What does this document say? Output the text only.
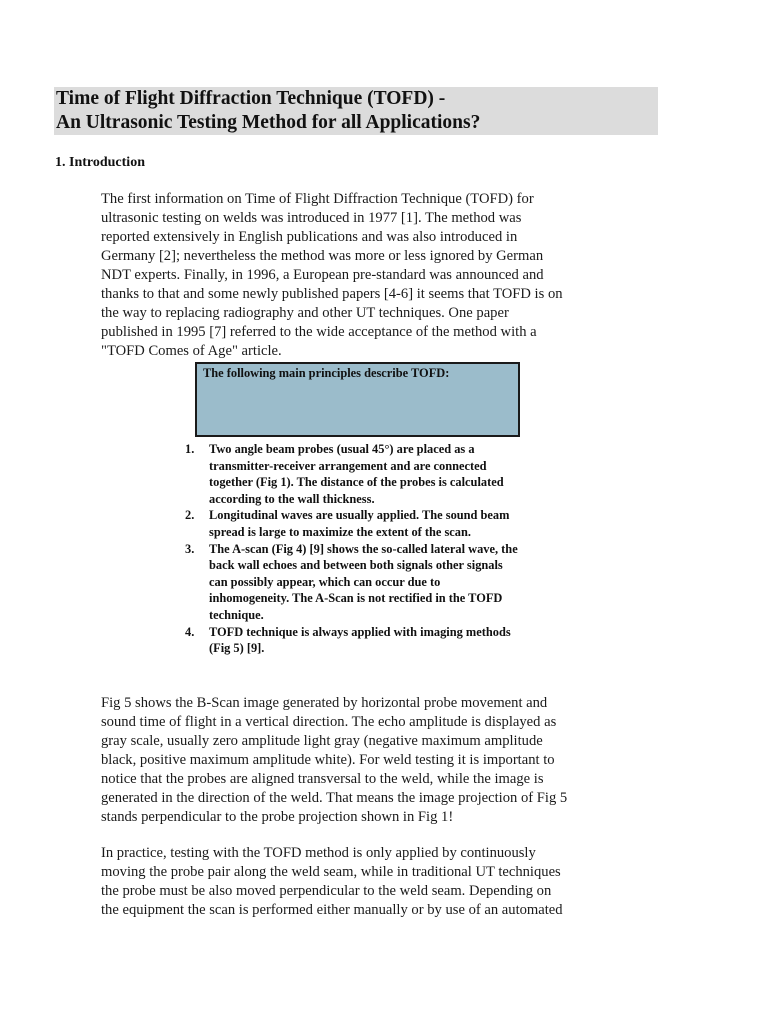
Time of Flight Diffraction Technique (TOFD) -
An Ultrasonic Testing Method for all Applications?
1. Introduction
The first information on Time of Flight Diffraction Technique (TOFD) for
ultrasonic testing on welds was introduced in 1977 [1]. The method was
reported extensively in English publications and was also introduced in
Germany [2]; nevertheless the method was more or less ignored by German
NDT experts. Finally, in 1996, a European pre-standard was announced and
thanks to that and some newly published papers [4-6] it seems that TOFD is on
the way to replacing radiography and other UT techniques. One paper
published in 1995 [7] referred to the wide acceptance of the method with a
"TOFD Comes of Age" article.
The following main principles describe TOFD:
1. Two angle beam probes (usual 45°) are placed as a
transmitter-receiver arrangement and are connected
together (Fig 1). The distance of the probes is calculated
according to the wall thickness.
2. Longitudinal waves are usually applied. The sound beam
spread is large to maximize the extent of the scan.
3. The A-scan (Fig 4) [9] shows the so-called lateral wave, the
back wall echoes and between both signals other signals
can possibly appear, which can occur due to
inhomogeneity. The A-Scan is not rectified in the TOFD
technique.
4. TOFD technique is always applied with imaging methods
(Fig 5) [9].
Fig 5 shows the B-Scan image generated by horizontal probe movement and
sound time of flight in a vertical direction. The echo amplitude is displayed as
gray scale, usually zero amplitude light gray (negative maximum amplitude
black, positive maximum amplitude white). For weld testing it is important to
notice that the probes are aligned transversal to the weld, while the image is
generated in the direction of the weld. That means the image projection of Fig 5
stands perpendicular to the probe projection shown in Fig 1!
In practice, testing with the TOFD method is only applied by continuously
moving the probe pair along the weld seam, while in traditional UT techniques
the probe must be also moved perpendicular to the weld seam. Depending on
the equipment the scan is performed either manually or by use of an automated
